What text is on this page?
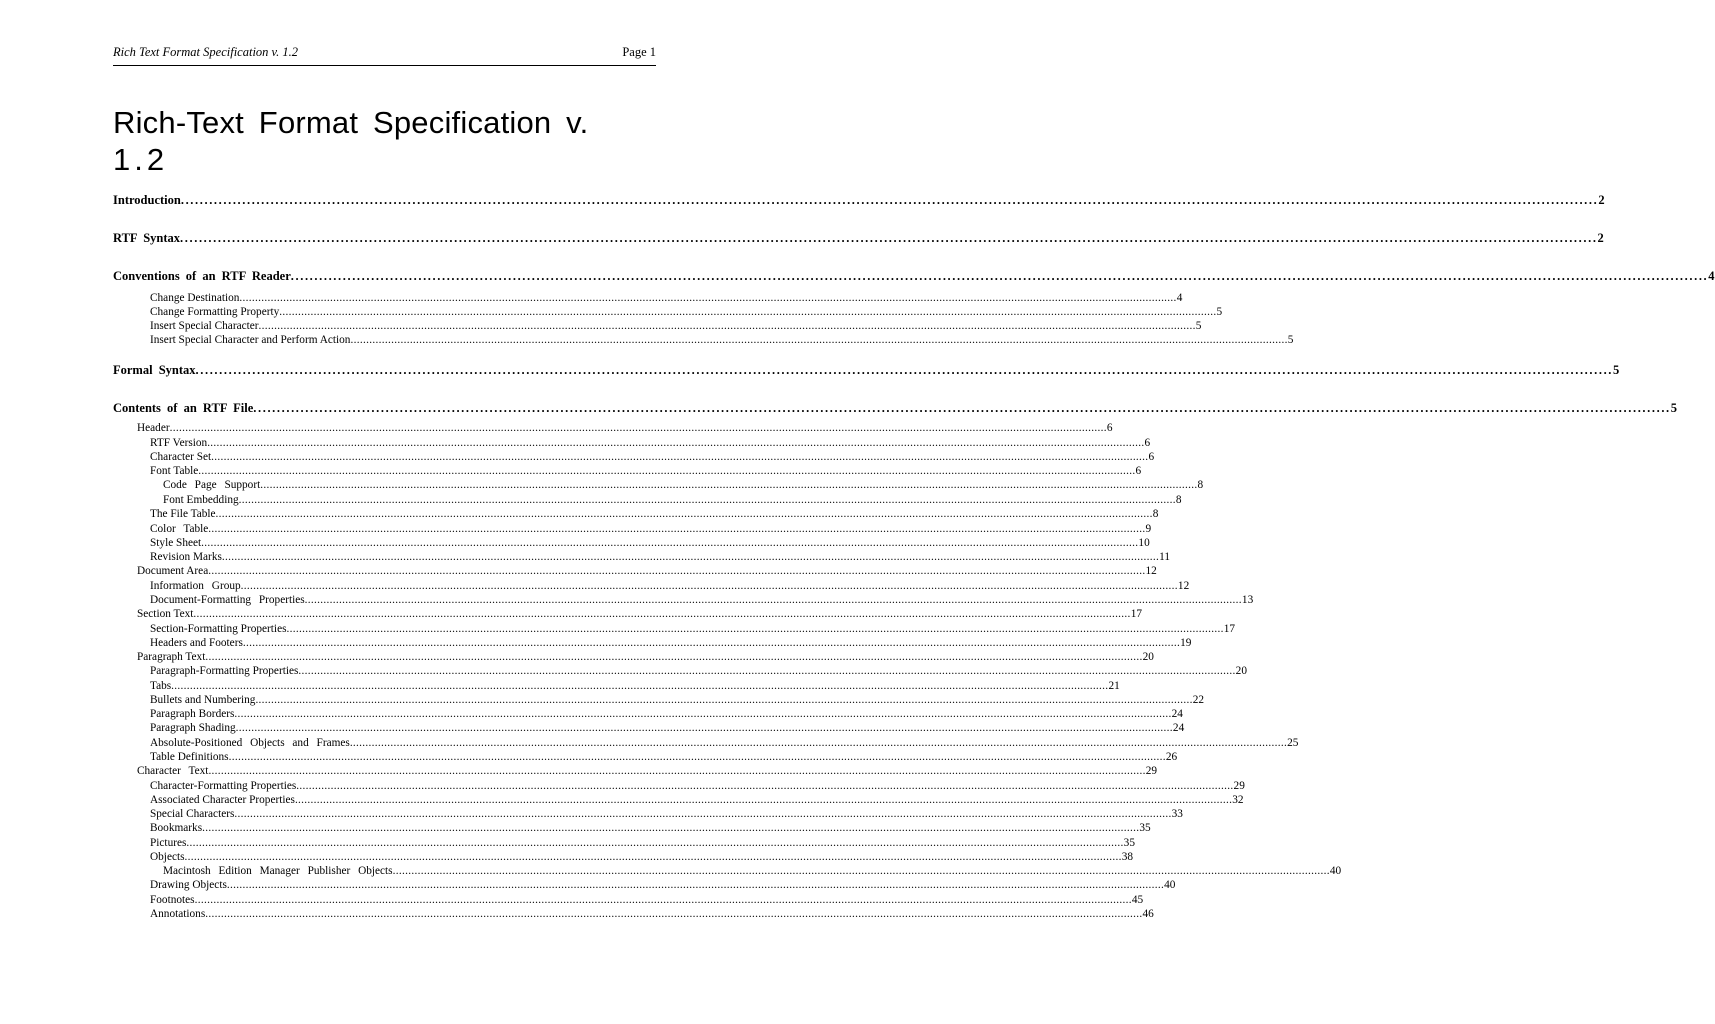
Rich Text Format Specification v. 1.2	Page 1
Rich-Text Format Specification v.
1.2
Introduction ............................................................................................................................................................................................................................................................................................................ 2
RTF Syntax ............................................................................................................................................................................................................................................................................................................ 2
Conventions of an RTF Reader ............................................................................................................................................................................................................................................................................................................ 4
Change Destination ............................................................................................................................................................................................................................................................................................................ 4
Change Formatting Property ............................................................................................................................................................................................................................................................................................................ 5
Insert Special Character ............................................................................................................................................................................................................................................................................................................ 5
Insert Special Character and Perform Action ............................................................................................................................................................................................................................................................................................................ 5
Formal Syntax ............................................................................................................................................................................................................................................................................................................ 5
Contents of an RTF File ............................................................................................................................................................................................................................................................................................................ 5
Header ............................................................................................................................................................................................................................................................................................................ 6
RTF Version ............................................................................................................................................................................................................................................................................................................ 6
Character Set ............................................................................................................................................................................................................................................................................................................ 6
Font Table ............................................................................................................................................................................................................................................................................................................ 6
Code Page Support ............................................................................................................................................................................................................................................................................................................ 8
Font Embedding ............................................................................................................................................................................................................................................................................................................ 8
The File Table ............................................................................................................................................................................................................................................................................................................ 8
Color Table ............................................................................................................................................................................................................................................................................................................ 9
Style Sheet ............................................................................................................................................................................................................................................................................................................ 10
Revision Marks ............................................................................................................................................................................................................................................................................................................ 11
Document Area ............................................................................................................................................................................................................................................................................................................ 12
Information Group ............................................................................................................................................................................................................................................................................................................ 12
Document-Formatting Properties ............................................................................................................................................................................................................................................................................................................ 13
Section Text ............................................................................................................................................................................................................................................................................................................ 17
Section-Formatting Properties ............................................................................................................................................................................................................................................................................................................ 17
Headers and Footers ............................................................................................................................................................................................................................................................................................................ 19
Paragraph Text ............................................................................................................................................................................................................................................................................................................ 20
Paragraph-Formatting Properties ............................................................................................................................................................................................................................................................................................................ 20
Tabs ............................................................................................................................................................................................................................................................................................................ 21
Bullets and Numbering ............................................................................................................................................................................................................................................................................................................ 22
Paragraph Borders ............................................................................................................................................................................................................................................................................................................ 24
Paragraph Shading ............................................................................................................................................................................................................................................................................................................ 24
Absolute-Positioned Objects and Frames ............................................................................................................................................................................................................................................................................................................ 25
Table Definitions ............................................................................................................................................................................................................................................................................................................ 26
Character Text ............................................................................................................................................................................................................................................................................................................ 29
Character-Formatting Properties ............................................................................................................................................................................................................................................................................................................ 29
Associated Character Properties ............................................................................................................................................................................................................................................................................................................ 32
Special Characters ............................................................................................................................................................................................................................................................................................................ 33
Bookmarks ............................................................................................................................................................................................................................................................................................................ 35
Pictures ............................................................................................................................................................................................................................................................................................................ 35
Objects ............................................................................................................................................................................................................................................................................................................ 38
Macintosh Edition Manager Publisher Objects ............................................................................................................................................................................................................................................................................................................ 40
Drawing Objects ............................................................................................................................................................................................................................................................................................................ 40
Footnotes ............................................................................................................................................................................................................................................................................................................ 45
Annotations ............................................................................................................................................................................................................................................................................................................ 46
